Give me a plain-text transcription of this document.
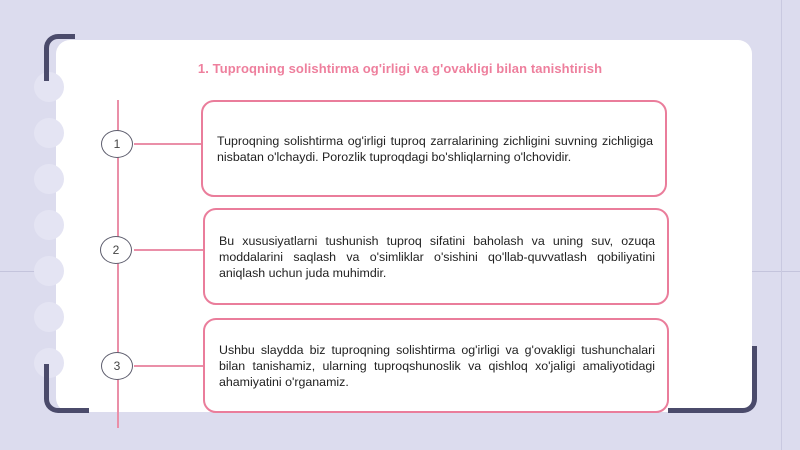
1. Tuproqning solishtirma og'irligi va g'ovakligi bilan tanishtirish
1	Tuproqning solishtirma og'irligi tuproq zarralarining zichligini suvning zichligiga nisbatan o'lchaydi. Porozlik tuproqdagi bo'shliqlarning o'lchovidir.
2
Bu xususiyatlarni tushunish tuproq sifatini baholash va uning suv, ozuqa moddalarini saqlash va o'simliklar o'sishini qo'llab-quvvatlash qobiliyatini aniqlash uchun juda muhimdir.
3
Ushbu slaydda biz tuproqning solishtirma og'irligi va g'ovakligi tushunchalari bilan tanishamiz, ularning tuproqshunoslik va qishloq xo'jaligi amaliyotidagi ahamiyatini o'rganamiz.
